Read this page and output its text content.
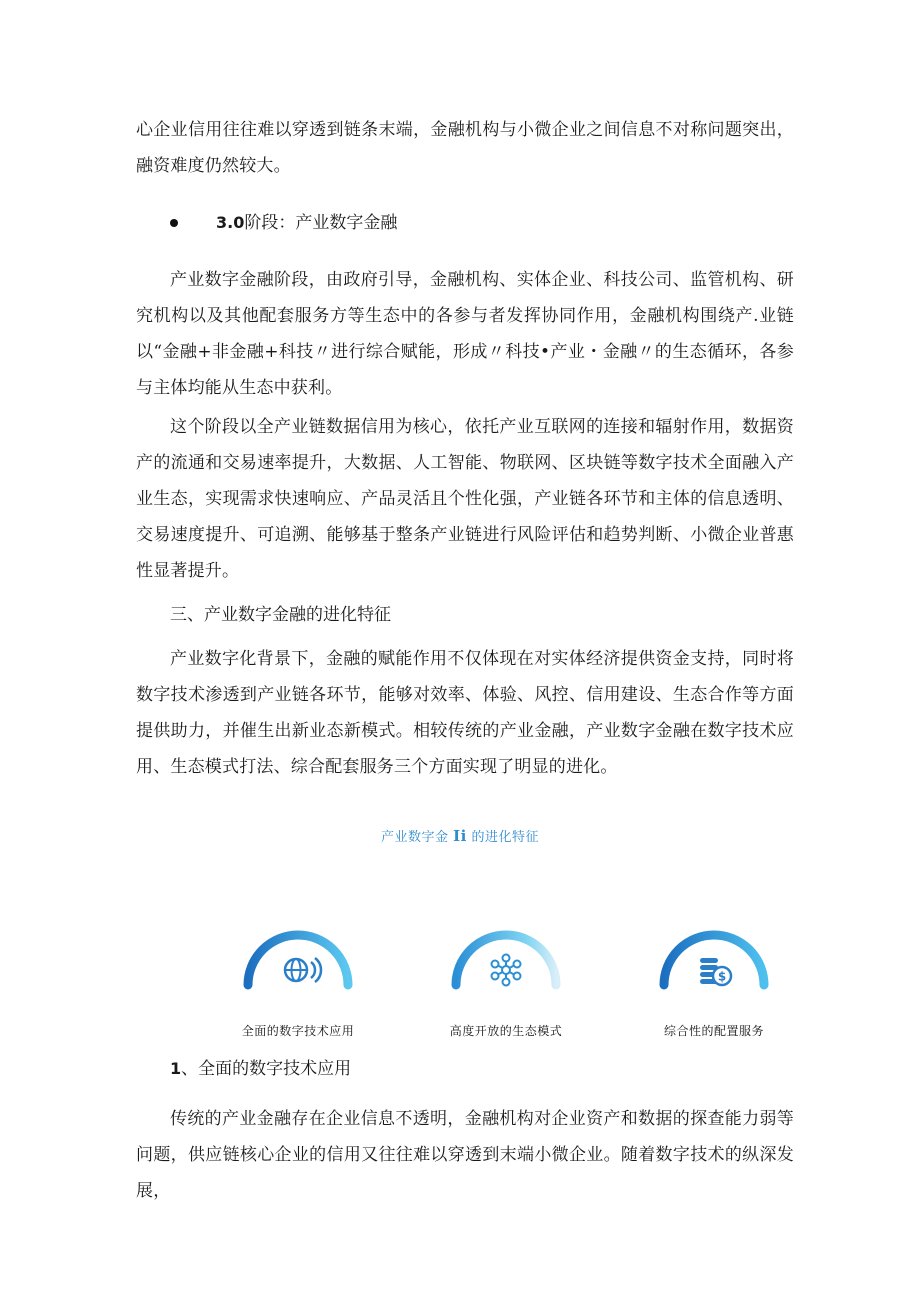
心企业信用往往难以穿透到链条末端，金融机构与小微企业之间信息不对称问题突出，融资难度仍然较大。

3.0 阶段：产业数字金融

产业数字金融阶段，由政府引导，金融机构、实体企业、科技公司、监管机构、研究机构以及其他配套服务方等生态中的各参与者发挥协同作用，金融机构围绕产.业链以“金融+非金融+科技〃进行综合赋能，形成〃科技•产业・金融〃的生态循环，各参与主体均能从生态中获利。

这个阶段以全产业链数据信用为核心，依托产业互联网的连接和辐射作用，数据资产的流通和交易速率提升，大数据、人工智能、物联网、区块链等数字技术全面融入产业生态，实现需求快速响应、产品灵活且个性化强，产业链各环节和主体的信息透明、交易速度提升、可追溯、能够基于整条产业链进行风险评估和趋势判断、小微企业普惠性显著提升。

三、产业数字金融的进化特征

产业数字化背景下，金融的赋能作用不仅体现在对实体经济提供资金支持，同时将数字技术渗透到产业链各环节，能够对效率、体验、风控、信用建设、生态合作等方面提供助力，并催生出新业态新模式。相较传统的产业金融，产业数字金融在数字技术应用、生态模式打法、综合配套服务三个方面实现了明显的进化。

产业数字金 Ii 的进化特征
全面的数字技术应用	高度开放的生态模式
$
综合性的配置服务
1、全面的数字技术应用

传统的产业金融存在企业信息不透明，金融机构对企业资产和数据的探查能力弱等问题，供应链核心企业的信用又往往难以穿透到末端小微企业。随着数字技术的纵深发展，
